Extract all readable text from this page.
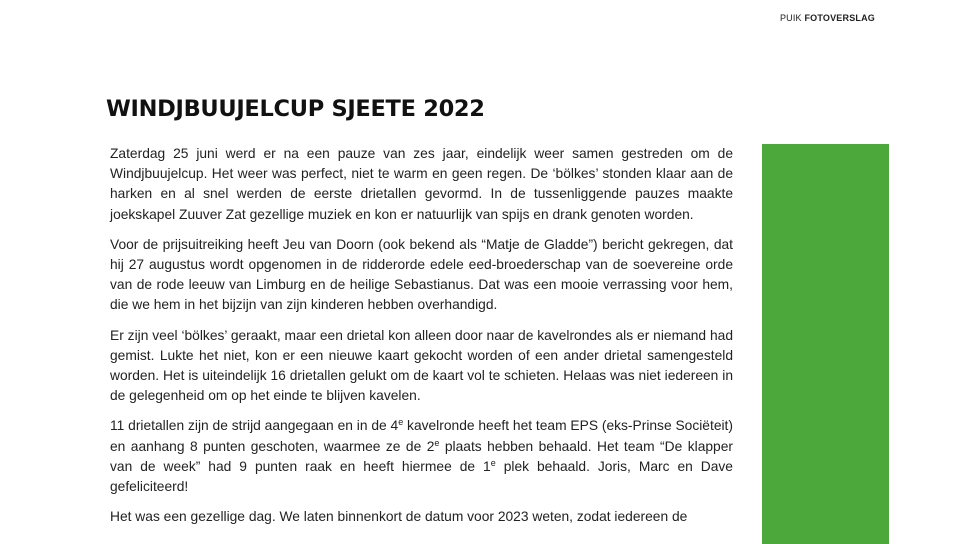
PUIK FOTOVERSLAG
WINDJBUUJELCUP SJEETE 2022

Zaterdag 25 juni werd er na een pauze van zes jaar, eindelijk weer samen gestreden om de Windjbuujelcup. Het weer was perfect, niet te warm en geen regen. De ‘bölkes’ stonden klaar aan de harken en al snel werden de eerste drietallen gevormd. In de tussenliggende pauzes maakte joekskapel Zuuver Zat gezellige muziek en kon er natuurlijk van spijs en drank genoten worden.

Voor de prijsuitreiking heeft Jeu van Doorn (ook bekend als “Matje de Gladde”) bericht gekregen, dat hij 27 augustus wordt opgenomen in de ridderorde edele eed-broederschap van de soevereine orde van de rode leeuw van Limburg en de heilige Sebastianus. Dat was een mooie verrassing voor hem, die we hem in het bijzijn van zijn kinderen hebben overhandigd.

Er zijn veel ‘bölkes’ geraakt, maar een drietal kon alleen door naar de kavelrondes als er niemand had gemist. Lukte het niet, kon er een nieuwe kaart gekocht worden of een ander drietal samengesteld worden. Het is uiteindelijk 16 drietallen gelukt om de kaart vol te schieten. Helaas was niet iedereen in de gelegenheid om op het einde te blijven kavelen.

11 drietallen zijn de strijd aangegaan en in de 4e kavelronde heeft het team EPS (eks-Prinse Sociëteit) en aanhang 8 punten geschoten, waarmee ze de 2e plaats hebben behaald. Het team “De klapper van de week” had 9 punten raak en heeft hiermee de 1e plek behaald. Joris, Marc en Dave gefeliciteerd!

Het was een gezellige dag. We laten binnenkort de datum voor 2023 weten, zodat iedereen de
